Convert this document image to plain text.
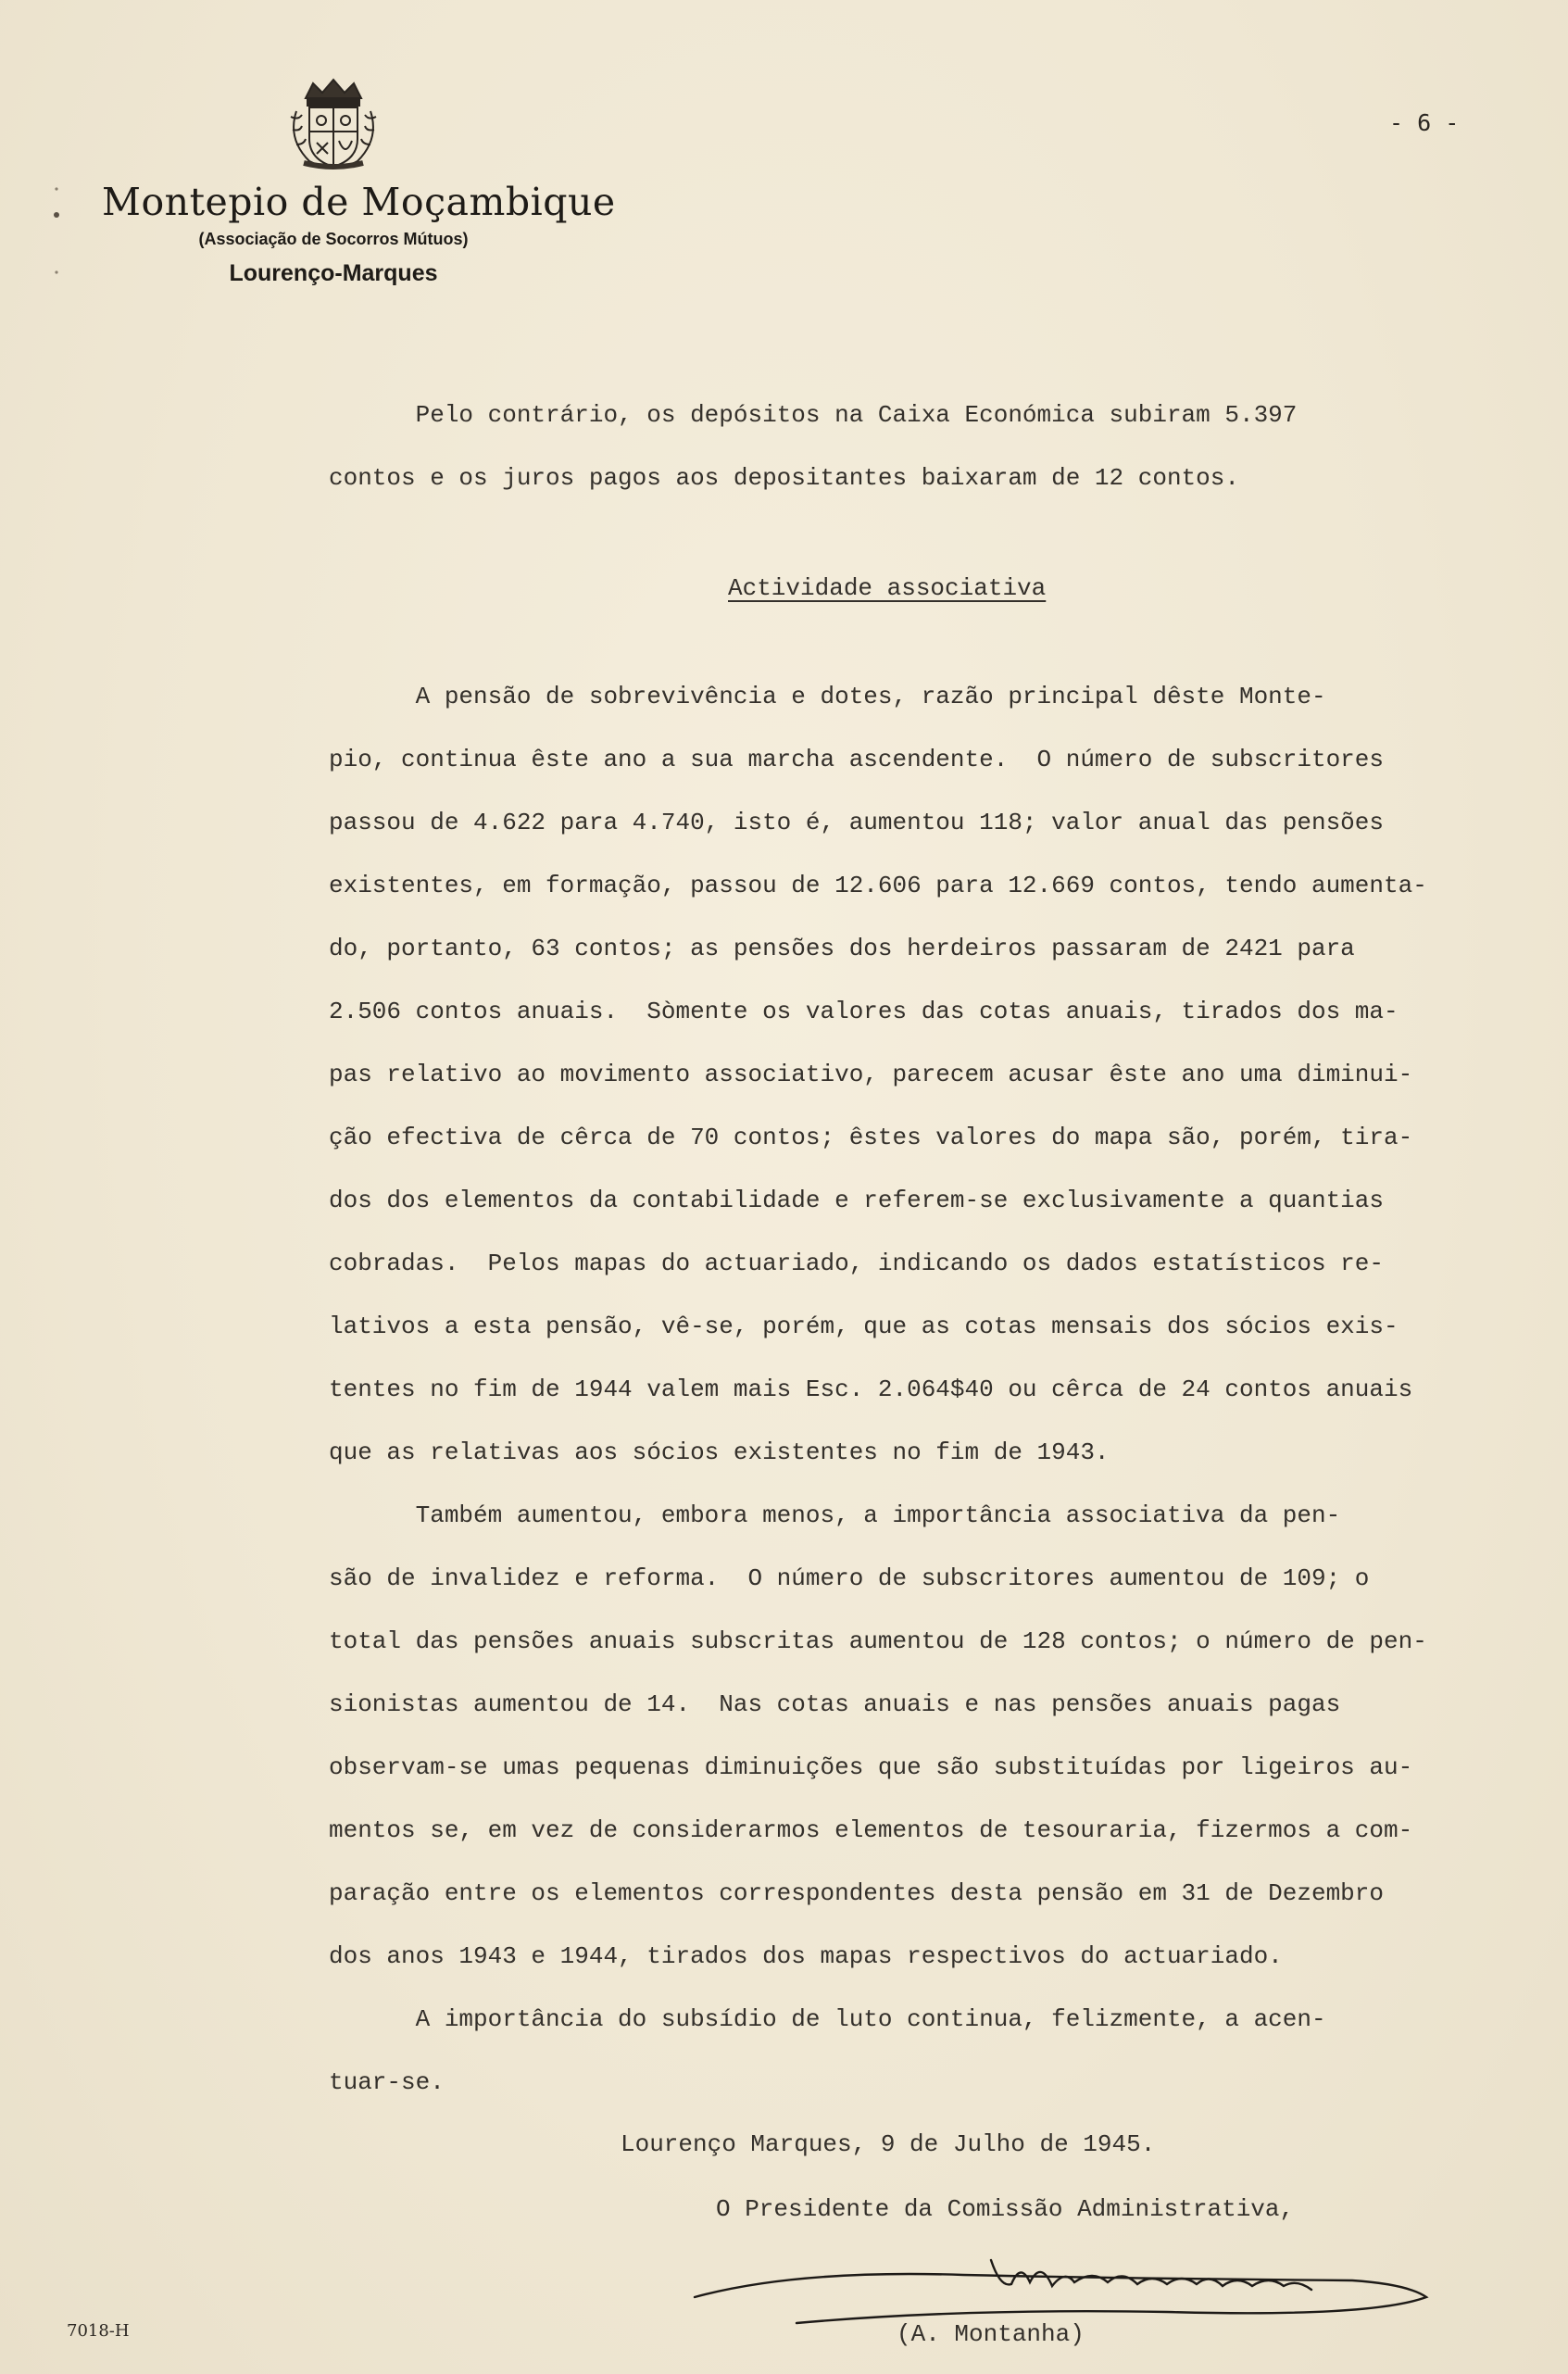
Montepio de Moçambique
(Associação de Socorros Mútuos)
Lourenço-Marques
- 6 -
Pelo contrário, os depósitos na Caixa Económica subiram 5.397
contos e os juros pagos aos depositantes baixaram de 12 contos.
Actividade associativa
A pensão de sobrevivência e dotes, razão principal dêste Monte-
pio, continua êste ano a sua marcha ascendente.  O número de subscritores
passou de 4.622 para 4.740, isto é, aumentou 118; valor anual das pensões
existentes, em formação, passou de 12.606 para 12.669 contos, tendo aumenta-
do, portanto, 63 contos; as pensões dos herdeiros passaram de 2421 para
2.506 contos anuais.  Sòmente os valores das cotas anuais, tirados dos ma-
pas relativo ao movimento associativo, parecem acusar êste ano uma diminui-
ção efectiva de cêrca de 70 contos; êstes valores do mapa são, porém, tira-
dos dos elementos da contabilidade e referem-se exclusivamente a quantias
cobradas.  Pelos mapas do actuariado, indicando os dados estatísticos re-
lativos a esta pensão, vê-se, porém, que as cotas mensais dos sócios exis-
tentes no fim de 1944 valem mais Esc. 2.064$40 ou cêrca de 24 contos anuais
que as relativas aos sócios existentes no fim de 1943.
Também aumentou, embora menos, a importância associativa da pen-
são de invalidez e reforma.  O número de subscritores aumentou de 109; o
total das pensões anuais subscritas aumentou de 128 contos; o número de pen-
sionistas aumentou de 14.  Nas cotas anuais e nas pensões anuais pagas
observam-se umas pequenas diminuições que são substituídas por ligeiros au-
mentos se, em vez de considerarmos elementos de tesouraria, fizermos a com-
paração entre os elementos correspondentes desta pensão em 31 de Dezembro
dos anos 1943 e 1944, tirados dos mapas respectivos do actuariado.
A importância do subsídio de luto continua, felizmente, a acen-
tuar-se.
Lourenço Marques, 9 de Julho de 1945.
O Presidente da Comissão Administrativa,
(A. Montanha)
7018-H
